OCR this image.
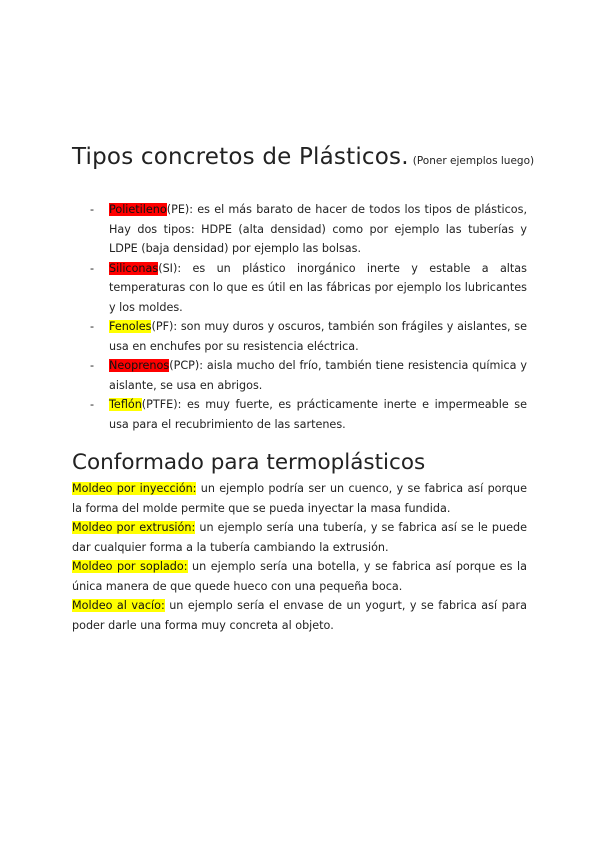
Tipos concretos de Plásticos. (Poner ejemplos luego)
- Polietileno(PE): es el más barato de hacer de todos los tipos de plásticos, Hay dos tipos: HDPE (alta densidad) como por ejemplo las tuberías y LDPE (baja densidad) por ejemplo las bolsas.
- Siliconas(SI): es un plástico inorgánico inerte y estable a altas temperaturas con lo que es útil en las fábricas por ejemplo los lubricantes y los moldes.
- Fenoles(PF): son muy duros y oscuros, también son frágiles y aislantes, se usa en enchufes por su resistencia eléctrica.
- Neoprenos(PCP): aisla mucho del frío, también tiene resistencia química y aislante, se usa en abrigos.
- Teflón(PTFE): es muy fuerte, es prácticamente inerte e impermeable se usa para el recubrimiento de las sartenes.
Conformado para termoplásticos

Moldeo por inyección: un ejemplo podría ser un cuenco, y se fabrica así porque la forma del molde permite que se pueda inyectar la masa fundida.

Moldeo por extrusión: un ejemplo sería una tubería, y se fabrica así se le puede dar cualquier forma a la tubería cambiando la extrusión.

Moldeo por soplado: un ejemplo sería una botella, y se fabrica así porque es la única manera de que quede hueco con una pequeña boca.

Moldeo al vacío: un ejemplo sería el envase de un yogurt, y se fabrica así para poder darle una forma muy concreta al objeto.
